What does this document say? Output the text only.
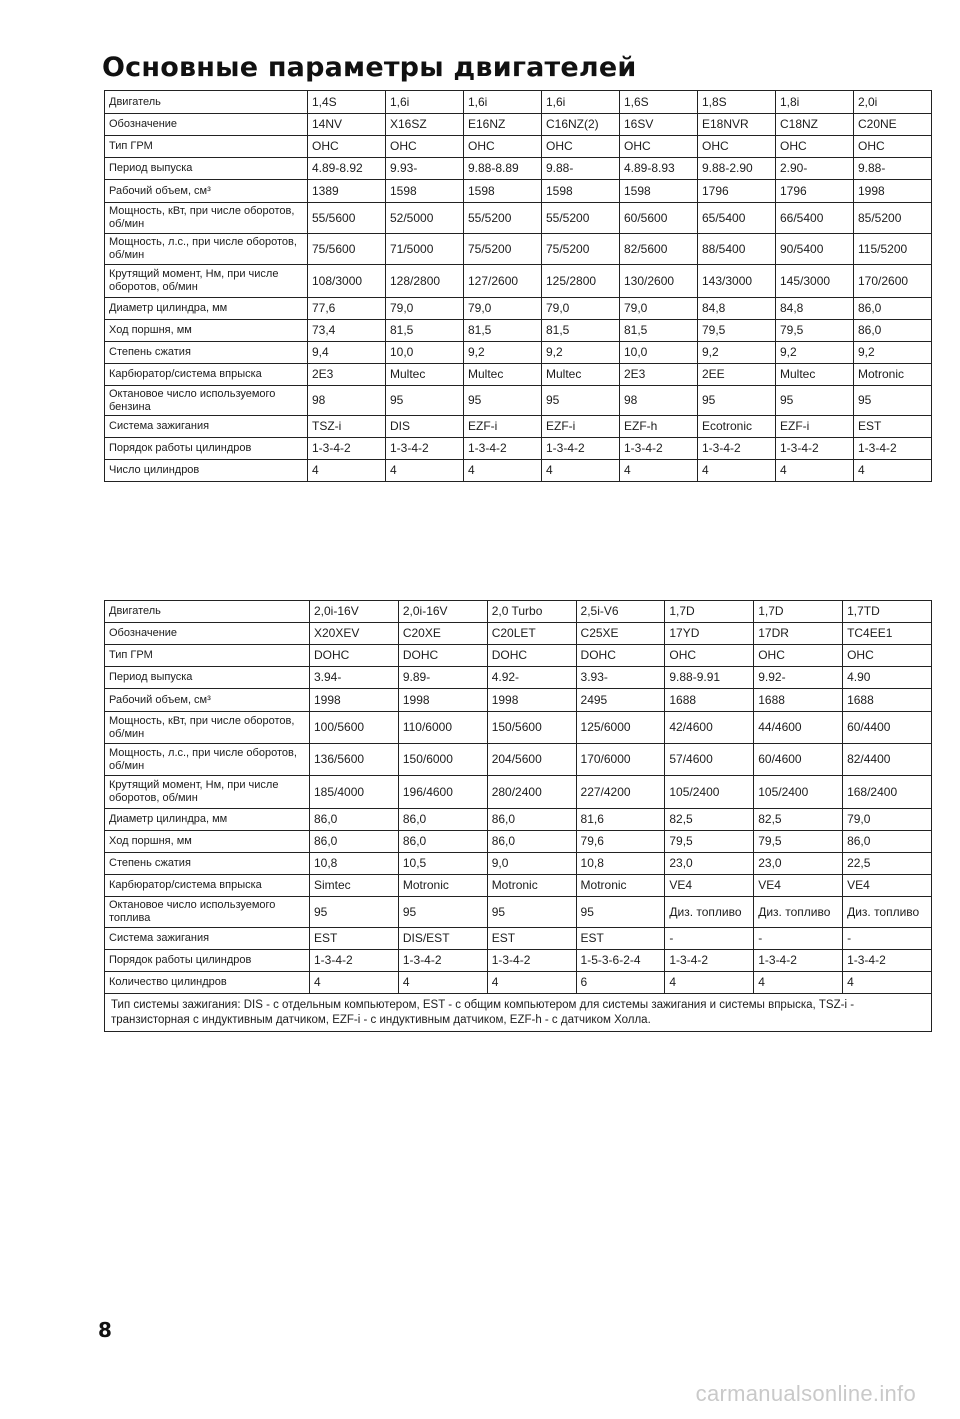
Основные параметры двигателей
Двигатель	1,4S	1,6i	1,6i	1,6i	1,6S	1,8S	1,8i	2,0i
Обозначение	14NV	X16SZ	E16NZ	C16NZ(2)	16SV	E18NVR	C18NZ	C20NE
Тип ГРМ	OHC	OHC	OHC	OHC	OHC	OHC	OHC	OHC
Период выпуска	4.89-8.92	9.93-	9.88-8.89	9.88-	4.89-8.93	9.88-2.90	2.90-	9.88-
Рабочий объем, см³	1389	1598	1598	1598	1598	1796	1796	1998
Мощность, кВт, при числе оборотов, об/мин	55/5600	52/5000	55/5200	55/5200	60/5600	65/5400	66/5400	85/5200
Мощность, л.с., при числе оборотов, об/мин	75/5600	71/5000	75/5200	75/5200	82/5600	88/5400	90/5400	115/5200
Крутящий момент, Нм, при числе оборотов, об/мин	108/3000	128/2800	127/2600	125/2800	130/2600	143/3000	145/3000	170/2600
Диаметр цилиндра, мм	77,6	79,0	79,0	79,0	79,0	84,8	84,8	86,0
Ход поршня, мм	73,4	81,5	81,5	81,5	81,5	79,5	79,5	86,0
Степень сжатия	9,4	10,0	9,2	9,2	10,0	9,2	9,2	9,2
Карбюратор/система впрыска	2E3	Multec	Multec	Multec	2E3	2EE	Multec	Motronic
Октановое число используемого бензина	98	95	95	95	98	95	95	95
Система зажигания	TSZ-i	DIS	EZF-i	EZF-i	EZF-h	Ecotronic	EZF-i	EST
Порядок работы цилиндров	1-3-4-2	1-3-4-2	1-3-4-2	1-3-4-2	1-3-4-2	1-3-4-2	1-3-4-2	1-3-4-2
Число цилиндров	4	4	4	4	4	4	4	4
Двигатель	2,0i-16V	2,0i-16V	2,0 Turbo	2,5i-V6	1,7D	1,7D	1,7TD
Обозначение	X20XEV	C20XE	C20LET	C25XE	17YD	17DR	TC4EE1
Тип ГРМ	DOHC	DOHC	DOHC	DOHC	OHC	OHC	OHC
Период выпуска	3.94-	9.89-	4.92-	3.93-	9.88-9.91	9.92-	4.90
Рабочий объем, см³	1998	1998	1998	2495	1688	1688	1688
Мощность, кВт, при числе оборотов, об/мин	100/5600	110/6000	150/5600	125/6000	42/4600	44/4600	60/4400
Мощность, л.с., при числе оборотов, об/мин	136/5600	150/6000	204/5600	170/6000	57/4600	60/4600	82/4400
Крутящий момент, Нм, при числе оборотов, об/мин	185/4000	196/4600	280/2400	227/4200	105/2400	105/2400	168/2400
Диаметр цилиндра, мм	86,0	86,0	86,0	81,6	82,5	82,5	79,0
Ход поршня, мм	86,0	86,0	86,0	79,6	79,5	79,5	86,0
Степень сжатия	10,8	10,5	9,0	10,8	23,0	23,0	22,5
Карбюратор/система впрыска	Simtec	Motronic	Motronic	Motronic	VE4	VE4	VE4
Октановое число используемого топлива	95	95	95	95	Диз. топливо	Диз. топливо	Диз. топливо
Система зажигания	EST	DIS/EST	EST	EST	-	-	-
Порядок работы цилиндров	1-3-4-2	1-3-4-2	1-3-4-2	1-5-3-6-2-4	1-3-4-2	1-3-4-2	1-3-4-2
Количество цилиндров	4	4	4	6	4	4	4
Тип системы зажигания: DIS - с отдельным компьютером, EST - с общим компьютером для системы зажигания и системы впрыска, TSZ-i - транзисторная с индуктивным датчиком, EZF-i - с индуктивным датчиком, EZF-h - с датчиком Холла.							
8
carmanualsonline.info
